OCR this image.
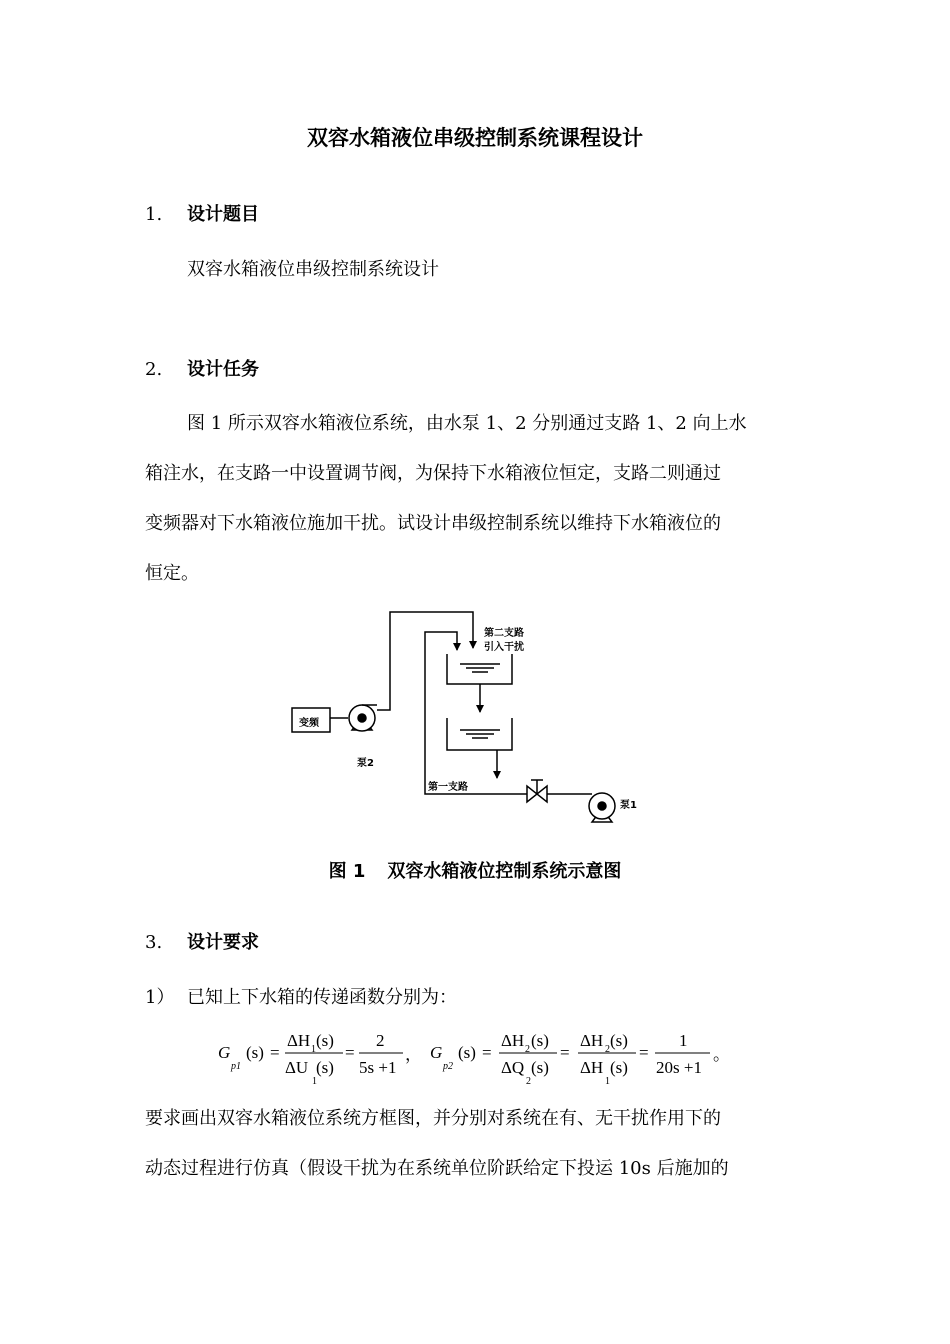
双容水箱液位串级控制系统课程设计
1. 设计题目
双容水箱液位串级控制系统设计
2. 设计任务
图 1 所示双容水箱液位系统，由水泵 1、2 分别通过支路 1、2 向上水
箱注水，在支路一中设置调节阀，为保持下水箱液位恒定，支路二则通过
变频器对下水箱液位施加干扰。试设计串级控制系统以维持下水箱液位的
恒定。
第二支路
引入干扰
变频
泵2
第一支路
泵1
图 1 双容水箱液位控制系统示意图
3. 设计要求
1） 已知上下水箱的传递函数分别为：
G
p1
(s) =
ΔH (s)
1
ΔU (s)
1
=
2
5s +1
， G
p2
(s) =
ΔH (s)
2
ΔQ (s)
2
=
ΔH (s)
2
ΔH (s)
1
=
1
20s +1
。
要求画出双容水箱液位系统方框图，并分别对系统在有、无干扰作用下的
动态过程进行仿真（假设干扰为在系统单位阶跃给定下投运 10s 后施加的
